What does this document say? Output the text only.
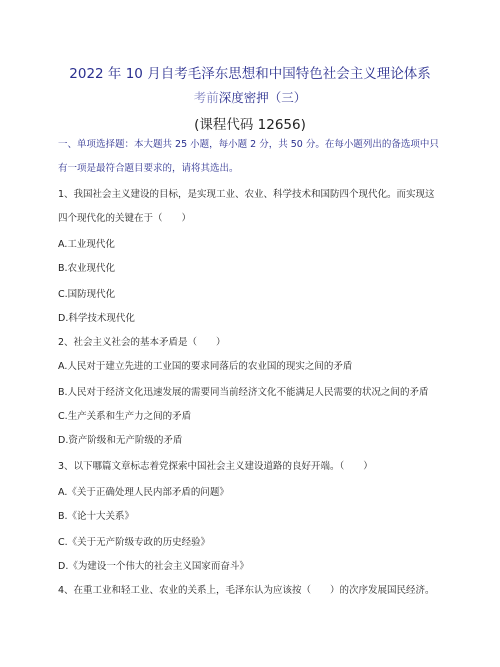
2022 年 10 月自考毛泽东思想和中国特色社会主义理论体系
考前深度密押（三）
(课程代码 12656)
一、单项选择题：本大题共 25 小题，每小题 2 分，共 50 分。在每小题列出的备选项中只
有一项是最符合题目要求的，请将其选出。
1、我国社会主义建设的目标，是实现工业、农业、科学技术和国防四个现代化。而实现这
四个现代化的关键在于（　　）
A.工业现代化
B.农业现代化
C.国防现代化
D.科学技术现代化
2、社会主义社会的基本矛盾是（　　）
A.人民对于建立先进的工业国的要求同落后的农业国的现实之间的矛盾
B.人民对于经济文化迅速发展的需要同当前经济文化不能满足人民需要的状况之间的矛盾
C.生产关系和生产力之间的矛盾
D.资产阶级和无产阶级的矛盾
3、以下哪篇文章标志着党探索中国社会主义建设道路的良好开端。（　　）
A.《关于正确处理人民内部矛盾的问题》
B.《论十大关系》
C.《关于无产阶级专政的历史经验》
D.《为建设一个伟大的社会主义国家而奋斗》
4、在重工业和轻工业、农业的关系上，毛泽东认为应该按（　　）的次序发展国民经济。
